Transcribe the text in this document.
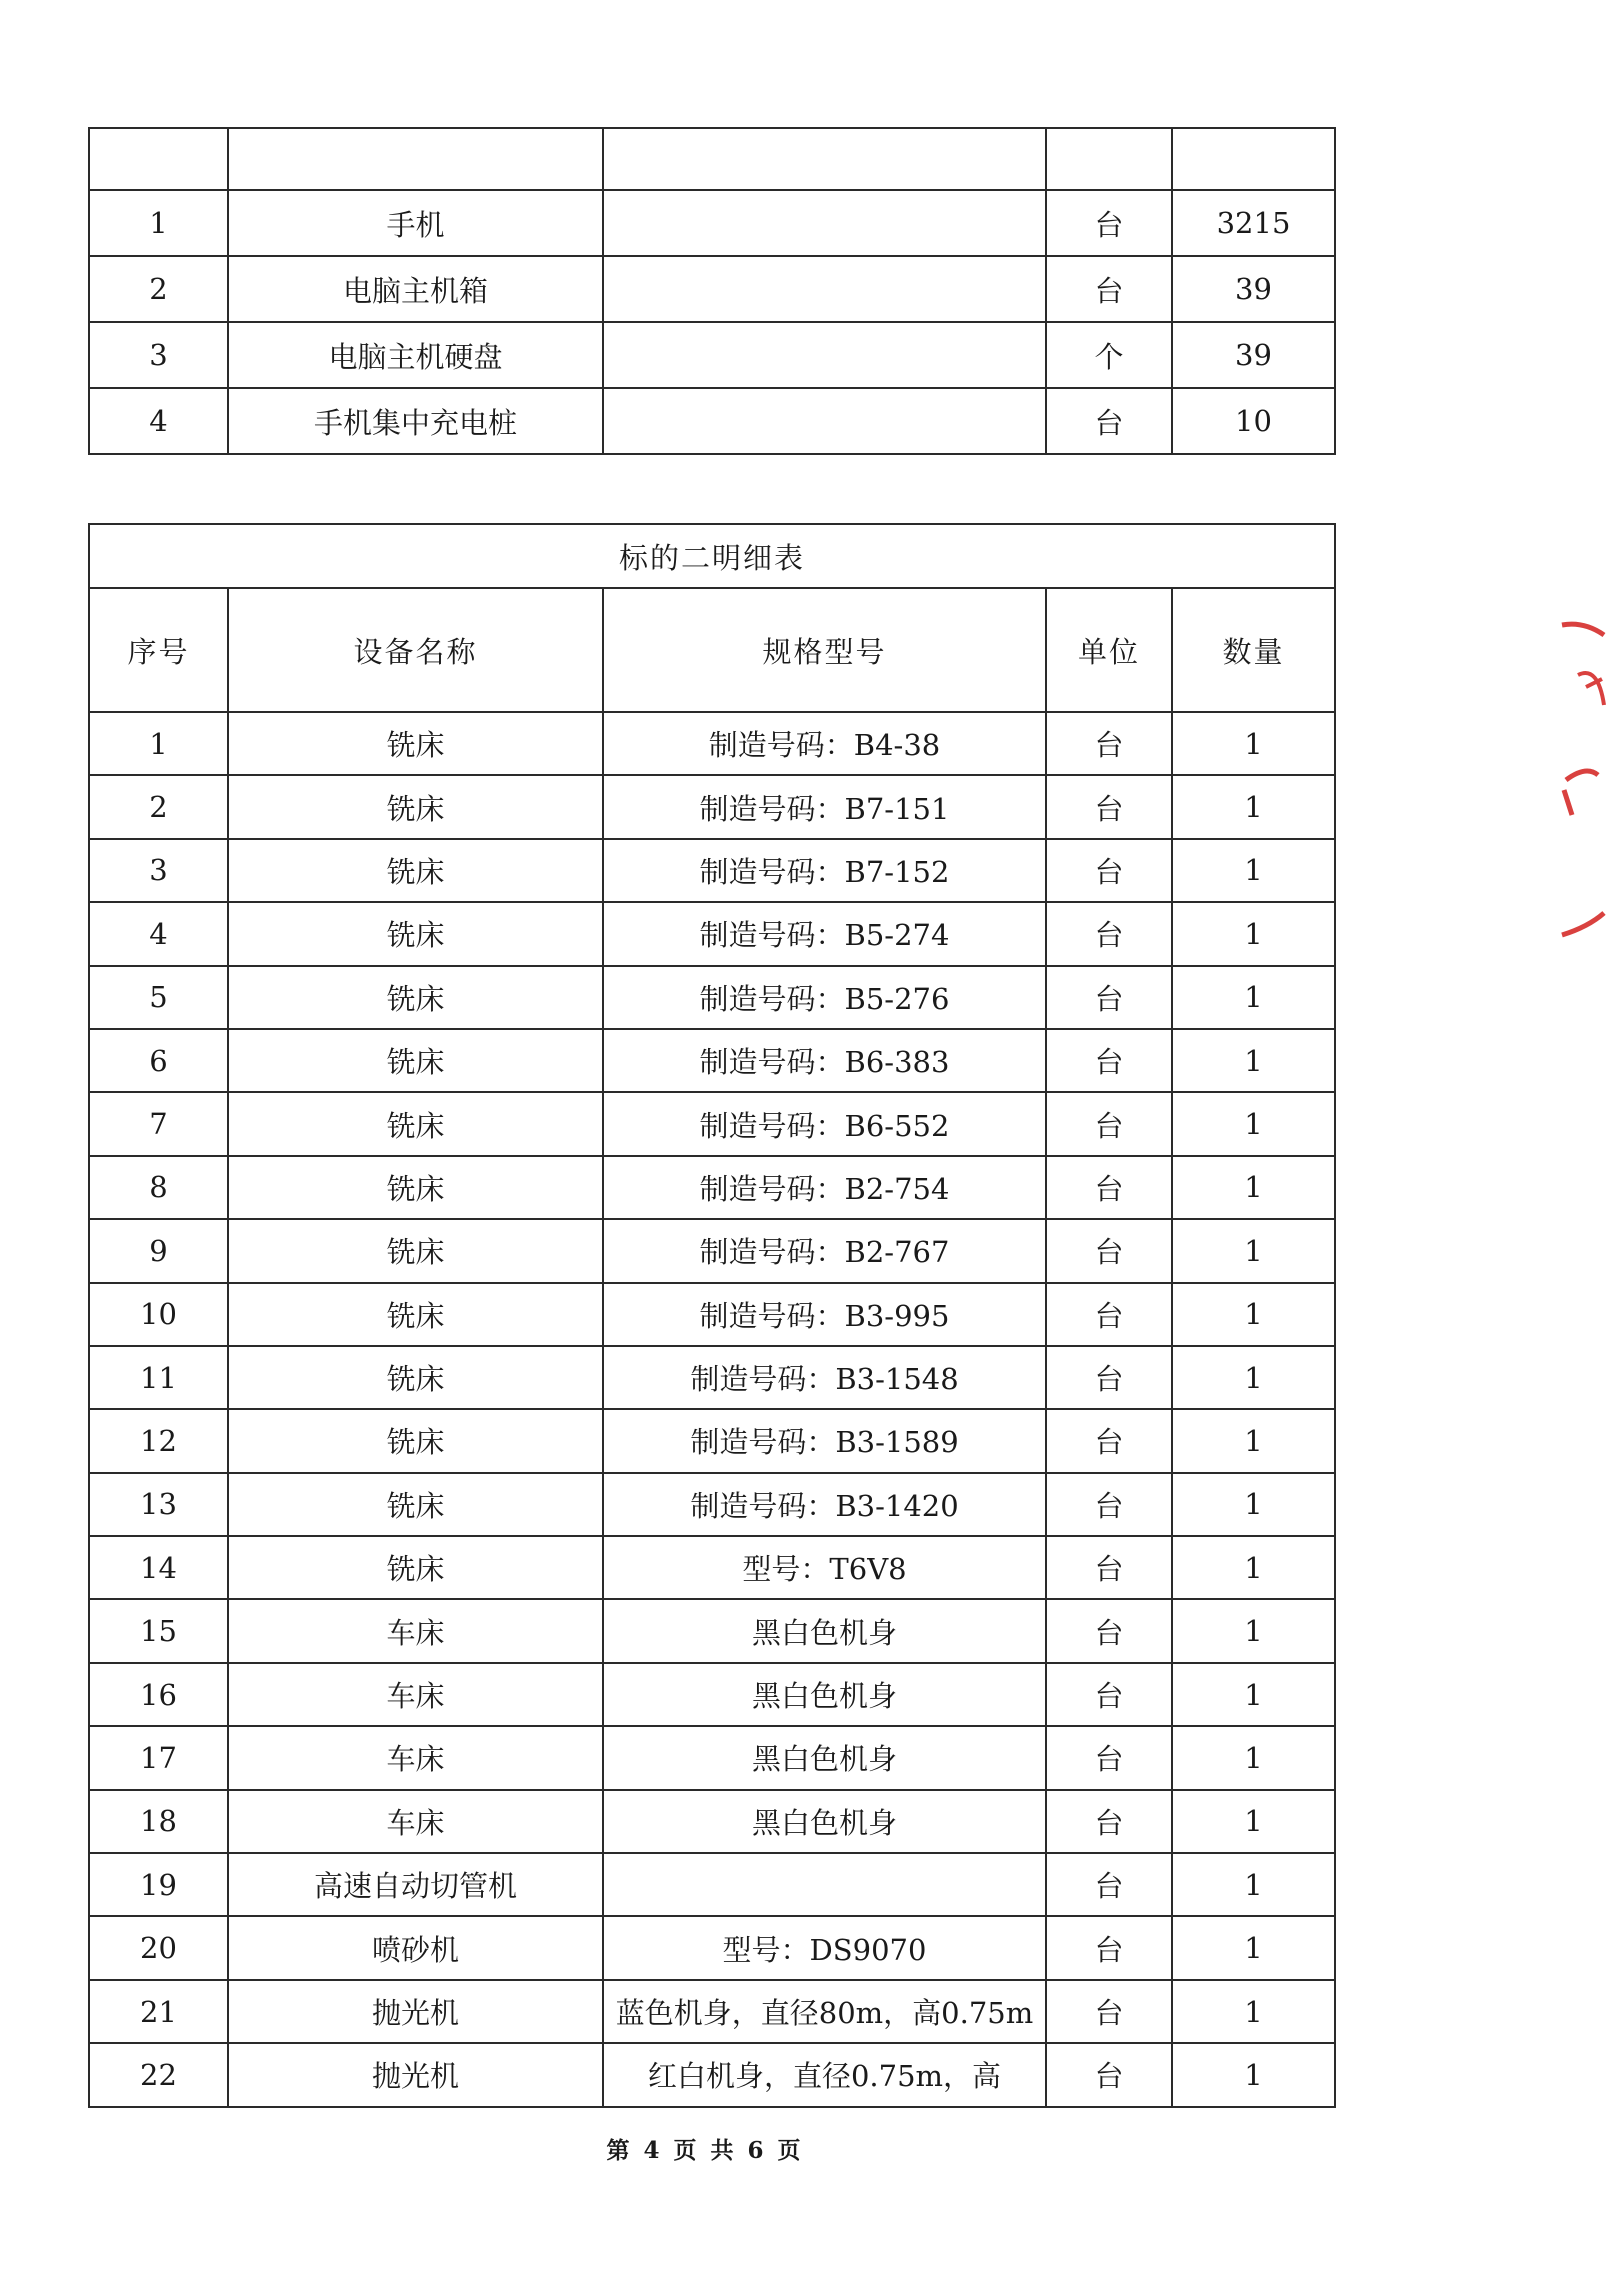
1	手机		台	3215
2	电脑主机箱		台	39
3	电脑主机硬盘		个	39
4	手机集中充电桩		台	10
标的二明细表				
序号	设备名称	规格型号	单位	数量
1	铣床	制造号码：B4-38	台	1
2	铣床	制造号码：B7-151	台	1
3	铣床	制造号码：B7-152	台	1
4	铣床	制造号码：B5-274	台	1
5	铣床	制造号码：B5-276	台	1
6	铣床	制造号码：B6-383	台	1
7	铣床	制造号码：B6-552	台	1
8	铣床	制造号码：B2-754	台	1
9	铣床	制造号码：B2-767	台	1
10	铣床	制造号码：B3-995	台	1
11	铣床	制造号码：B3-1548	台	1
12	铣床	制造号码：B3-1589	台	1
13	铣床	制造号码：B3-1420	台	1
14	铣床	型号：T6V8	台	1
15	车床	黑白色机身	台	1
16	车床	黑白色机身	台	1
17	车床	黑白色机身	台	1
18	车床	黑白色机身	台	1
19	高速自动切管机		台	1
20	喷砂机	型号：DS9070	台	1
21	抛光机	蓝色机身，直径80m，高0.75m	台	1
22	抛光机	红白机身，直径0.75m，高	台	1
第 4 页 共 6 页
